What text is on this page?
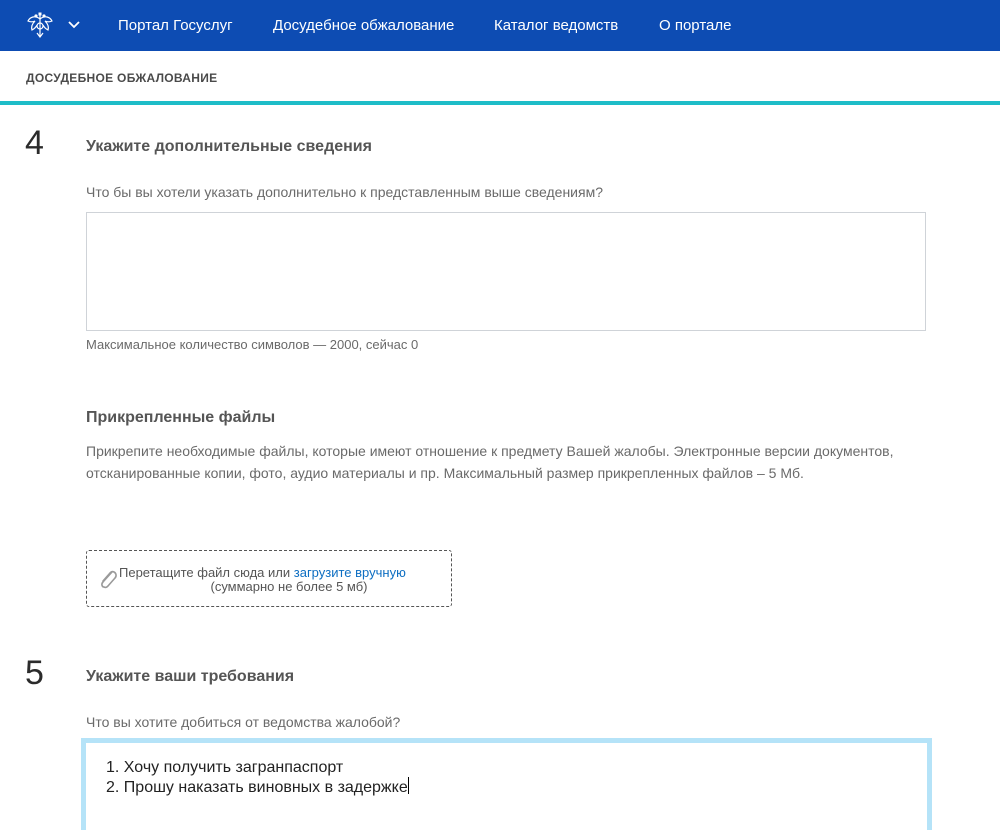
Портал Госуслуг	Досудебное обжалование	Каталог ведомств	О портале
ДОСУДЕБНОЕ ОБЖАЛОВАНИЕ
4	Укажите дополнительные сведения
Что бы вы хотели указать дополнительно к представленным выше сведениям?
Максимальное количество символов — 2000, сейчас 0
Прикрепленные файлы
Прикрепите необходимые файлы, которые имеют отношение к предмету Вашей жалобы. Электронные версии документов, отсканированные копии, фото, аудио материалы и пр. Максимальный размер прикрепленных файлов – 5 Мб.
Перетащите файл сюда или загрузите вручную
(суммарно не более 5 мб)
5	Укажите ваши требования
Что вы хотите добиться от ведомства жалобой?
1. Хочу получить загранпаспорт
2. Прошу наказать виновных в задержке
